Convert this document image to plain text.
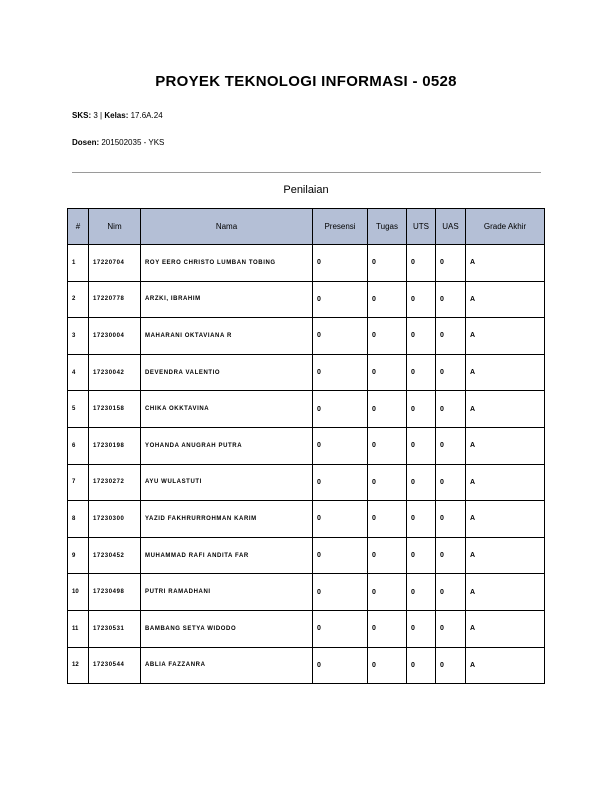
PROYEK TEKNOLOGI INFORMASI - 0528
SKS: 3 | Kelas: 17.6A.24
Dosen: 201502035 - YKS
Penilaian
#	Nim	Nama	Presensi	Tugas	UTS	UAS	Grade Akhir
1	17220704	ROY EERO CHRISTO LUMBAN TOBING	0	0	0	0	A
2	17220778	ARZKI, IBRAHIM	0	0	0	0	A
3	17230004	MAHARANI OKTAVIANA R	0	0	0	0	A
4	17230042	DEVENDRA VALENTIO	0	0	0	0	A
5	17230158	CHIKA OKKTAVINA	0	0	0	0	A
6	17230198	YOHANDA ANUGRAH PUTRA	0	0	0	0	A
7	17230272	AYU WULASTUTI	0	0	0	0	A
8	17230300	YAZID FAKHRURROHMAN KARIM	0	0	0	0	A
9	17230452	MUHAMMAD RAFI ANDITA FAR	0	0	0	0	A
10	17230498	PUTRI RAMADHANI	0	0	0	0	A
11	17230531	BAMBANG SETYA WIDODO	0	0	0	0	A
12	17230544	ABLIA FAZZANRA	0	0	0	0	A
